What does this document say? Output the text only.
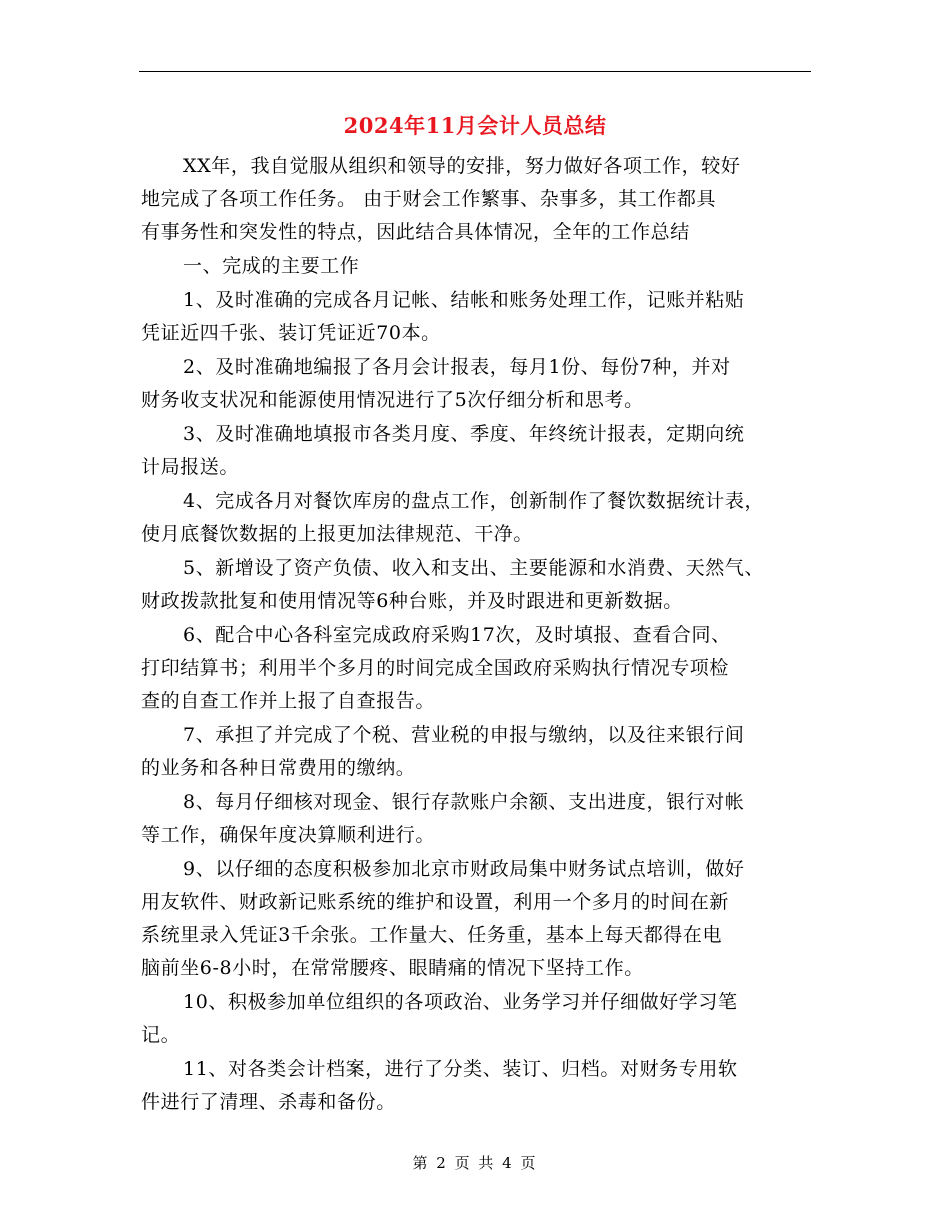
2024年11月会计人员总结
XX年，我自觉服从组织和领导的安排，努力做好各项工作，较好
地完成了各项工作任务。 由于财会工作繁事、杂事多，其工作都具
有事务性和突发性的特点，因此结合具体情况，全年的工作总结
一、完成的主要工作
1、及时准确的完成各月记帐、结帐和账务处理工作，记账并粘贴
凭证近四千张、装订凭证近70本。
2、及时准确地编报了各月会计报表，每月1份、每份7种，并对
财务收支状况和能源使用情况进行了5次仔细分析和思考。
3、及时准确地填报市各类月度、季度、年终统计报表，定期向统
计局报送。
4、完成各月对餐饮库房的盘点工作，创新制作了餐饮数据统计表，
使月底餐饮数据的上报更加法律规范、干净。
5、新增设了资产负债、收入和支出、主要能源和水消费、天然气、
财政拨款批复和使用情况等6种台账，并及时跟进和更新数据。
6、配合中心各科室完成政府采购17次，及时填报、查看合同、
打印结算书；利用半个多月的时间完成全国政府采购执行情况专项检
查的自查工作并上报了自查报告。
7、承担了并完成了个税、营业税的申报与缴纳，以及往来银行间
的业务和各种日常费用的缴纳。
8、每月仔细核对现金、银行存款账户余额、支出进度，银行对帐
等工作，确保年度决算顺利进行。
9、以仔细的态度积极参加北京市财政局集中财务试点培训，做好
用友软件、财政新记账系统的维护和设置，利用一个多月的时间在新
系统里录入凭证3千余张。工作量大、任务重，基本上每天都得在电
脑前坐6-8小时，在常常腰疼、眼睛痛的情况下坚持工作。
10、积极参加单位组织的各项政治、业务学习并仔细做好学习笔
记。
11、对各类会计档案，进行了分类、装订、归档。对财务专用软
件进行了清理、杀毒和备份。
第 2 页 共 4 页
